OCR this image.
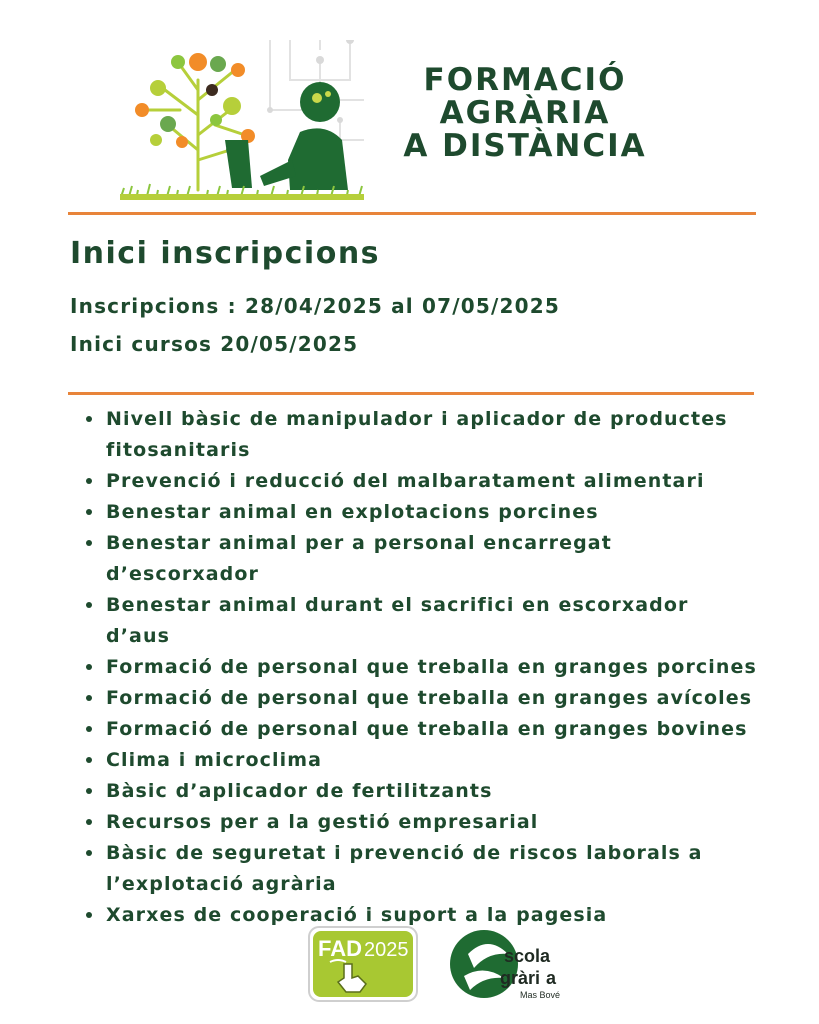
FORMACIÓ
AGRÀRIA
A DISTÀNCIA
Inici inscripcions
Inscripcions : 28/04/2025 al 07/05/2025
Inici cursos 20/05/2025
Nivell bàsic de manipulador i aplicador de productes fitosanitaris
Prevenció i reducció del malbaratament alimentari
Benestar animal en explotacions porcines
Benestar animal per a personal encarregat d’escorxador
Benestar animal durant el sacrifici en escorxador d’aus
Formació de personal que treballa en granges porcines
Formació de personal que treballa en granges avícoles
Formació de personal que treballa en granges bovines
Clima i microclima
Bàsic d’aplicador de fertilitzants
Recursos per a la gestió empresarial
Bàsic de seguretat i prevenció de riscos laborals a l’explotació agrària
Xarxes de cooperació i suport a la pagesia
FAD 2025	scola
gràri a
Mas Bové
